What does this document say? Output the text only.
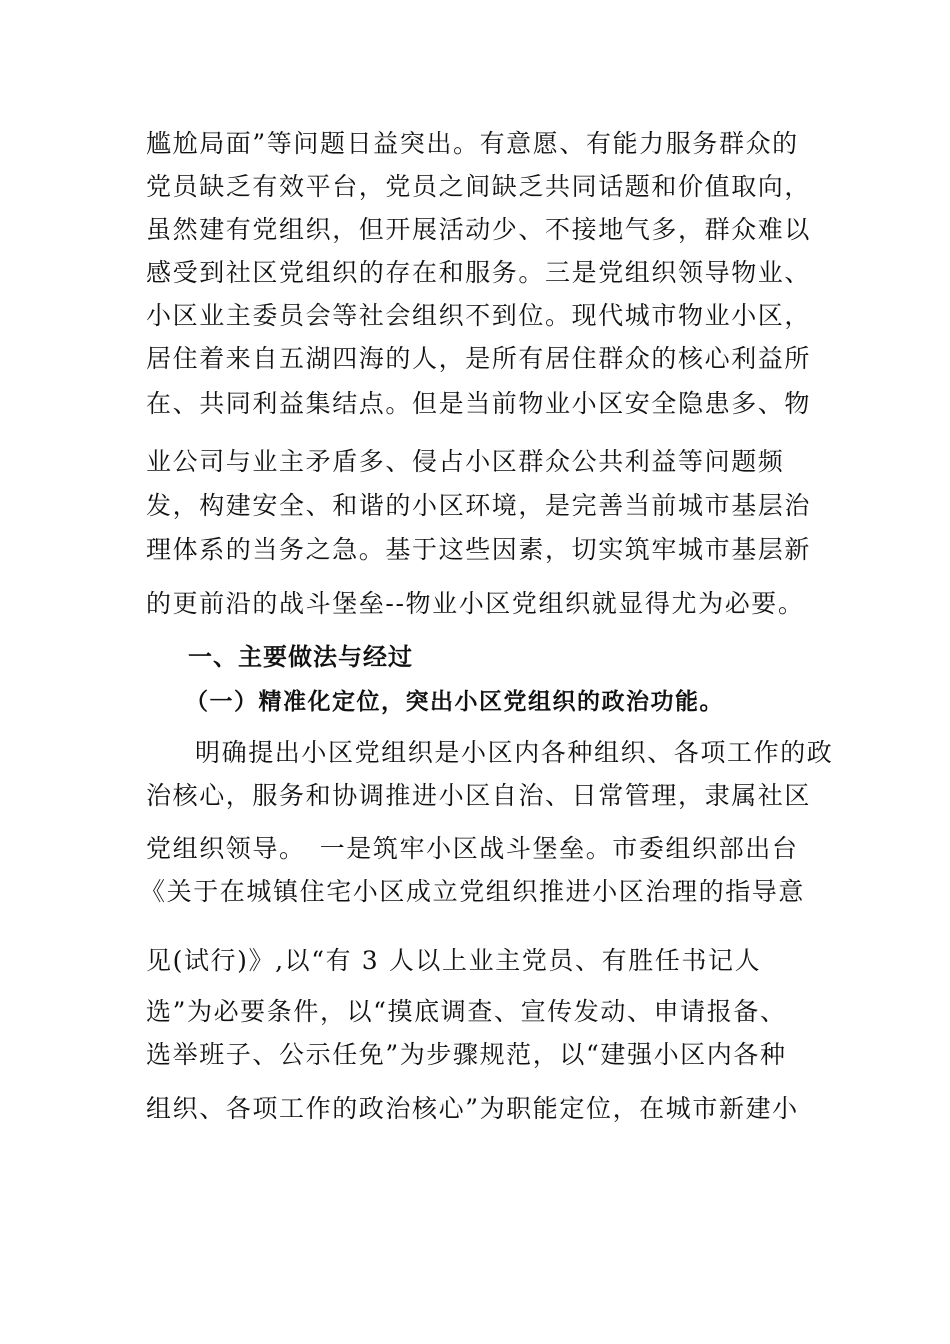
尴尬局面”等问题日益突出。有意愿、有能力服务群众的
党员缺乏有效平台，党员之间缺乏共同话题和价值取向，
虽然建有党组织，但开展活动少、不接地气多，群众难以
感受到社区党组织的存在和服务。三是党组织领导物业、
小区业主委员会等社会组织不到位。现代城市物业小区，
居住着来自五湖四海的人，是所有居住群众的核心利益所
在、共同利益集结点。但是当前物业小区安全隐患多、物
业公司与业主矛盾多、侵占小区群众公共利益等问题频
发，构建安全、和谐的小区环境，是完善当前城市基层治
理体系的当务之急。基于这些因素，切实筑牢城市基层新
的更前沿的战斗堡垒--物业小区党组织就显得尤为必要。
一、主要做法与经过
（一）精准化定位，突出小区党组织的政治功能。
明确提出小区党组织是小区内各种组织、各项工作的政
治核心，服务和协调推进小区自治、日常管理，隶属社区
党组织领导。　一是筑牢小区战斗堡垒。市委组织部出台
《关于在城镇住宅小区成立党组织推进小区治理的指导意
见(试行)》,以“有 3 人以上业主党员、有胜任书记人
选”为必要条件，以“摸底调查、宣传发动、申请报备、
选举班子、公示任免”为步骤规范，以“建强小区内各种
组织、各项工作的政治核心”为职能定位，在城市新建小
